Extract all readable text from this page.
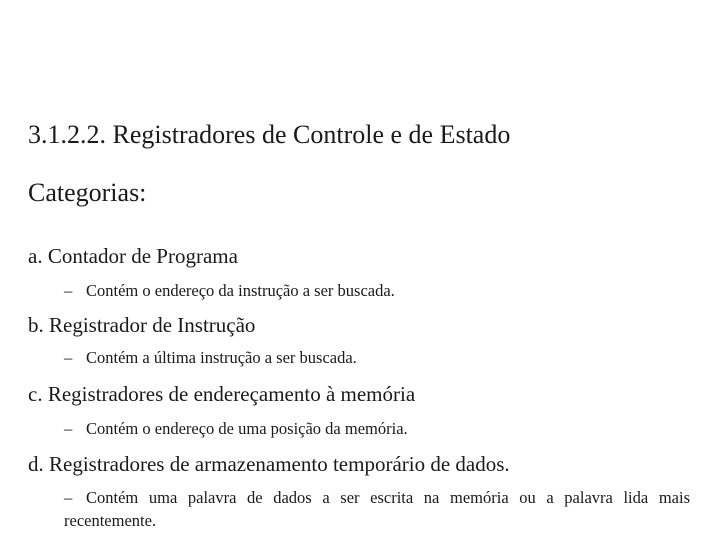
3.1.2.2. Registradores de Controle e de Estado
Categorias:
a. Contador de Programa
– Contém o endereço da instrução a ser buscada.
b. Registrador de Instrução
– Contém a última instrução a ser buscada.
c. Registradores de endereçamento à memória
– Contém o endereço de uma posição da memória.
d. Registradores de armazenamento temporário de dados.
– Contém uma palavra de dados a ser escrita na memória ou a palavra lida mais recentemente.
